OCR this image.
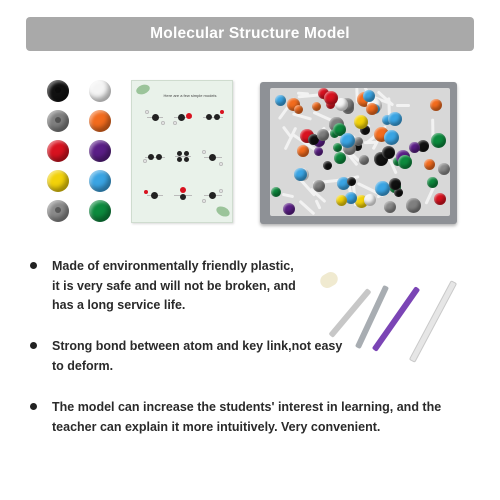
Molecular Structure Model
Here are a few simple models
Made of environmentally friendly plastic,
it is very safe and will not be broken, and
has a long service life.
Strong bond between atom and key link,not easy
to deform.
The model can increase the students' interest in learning, and the
teacher can explain it more intuitively. Very convenient.
